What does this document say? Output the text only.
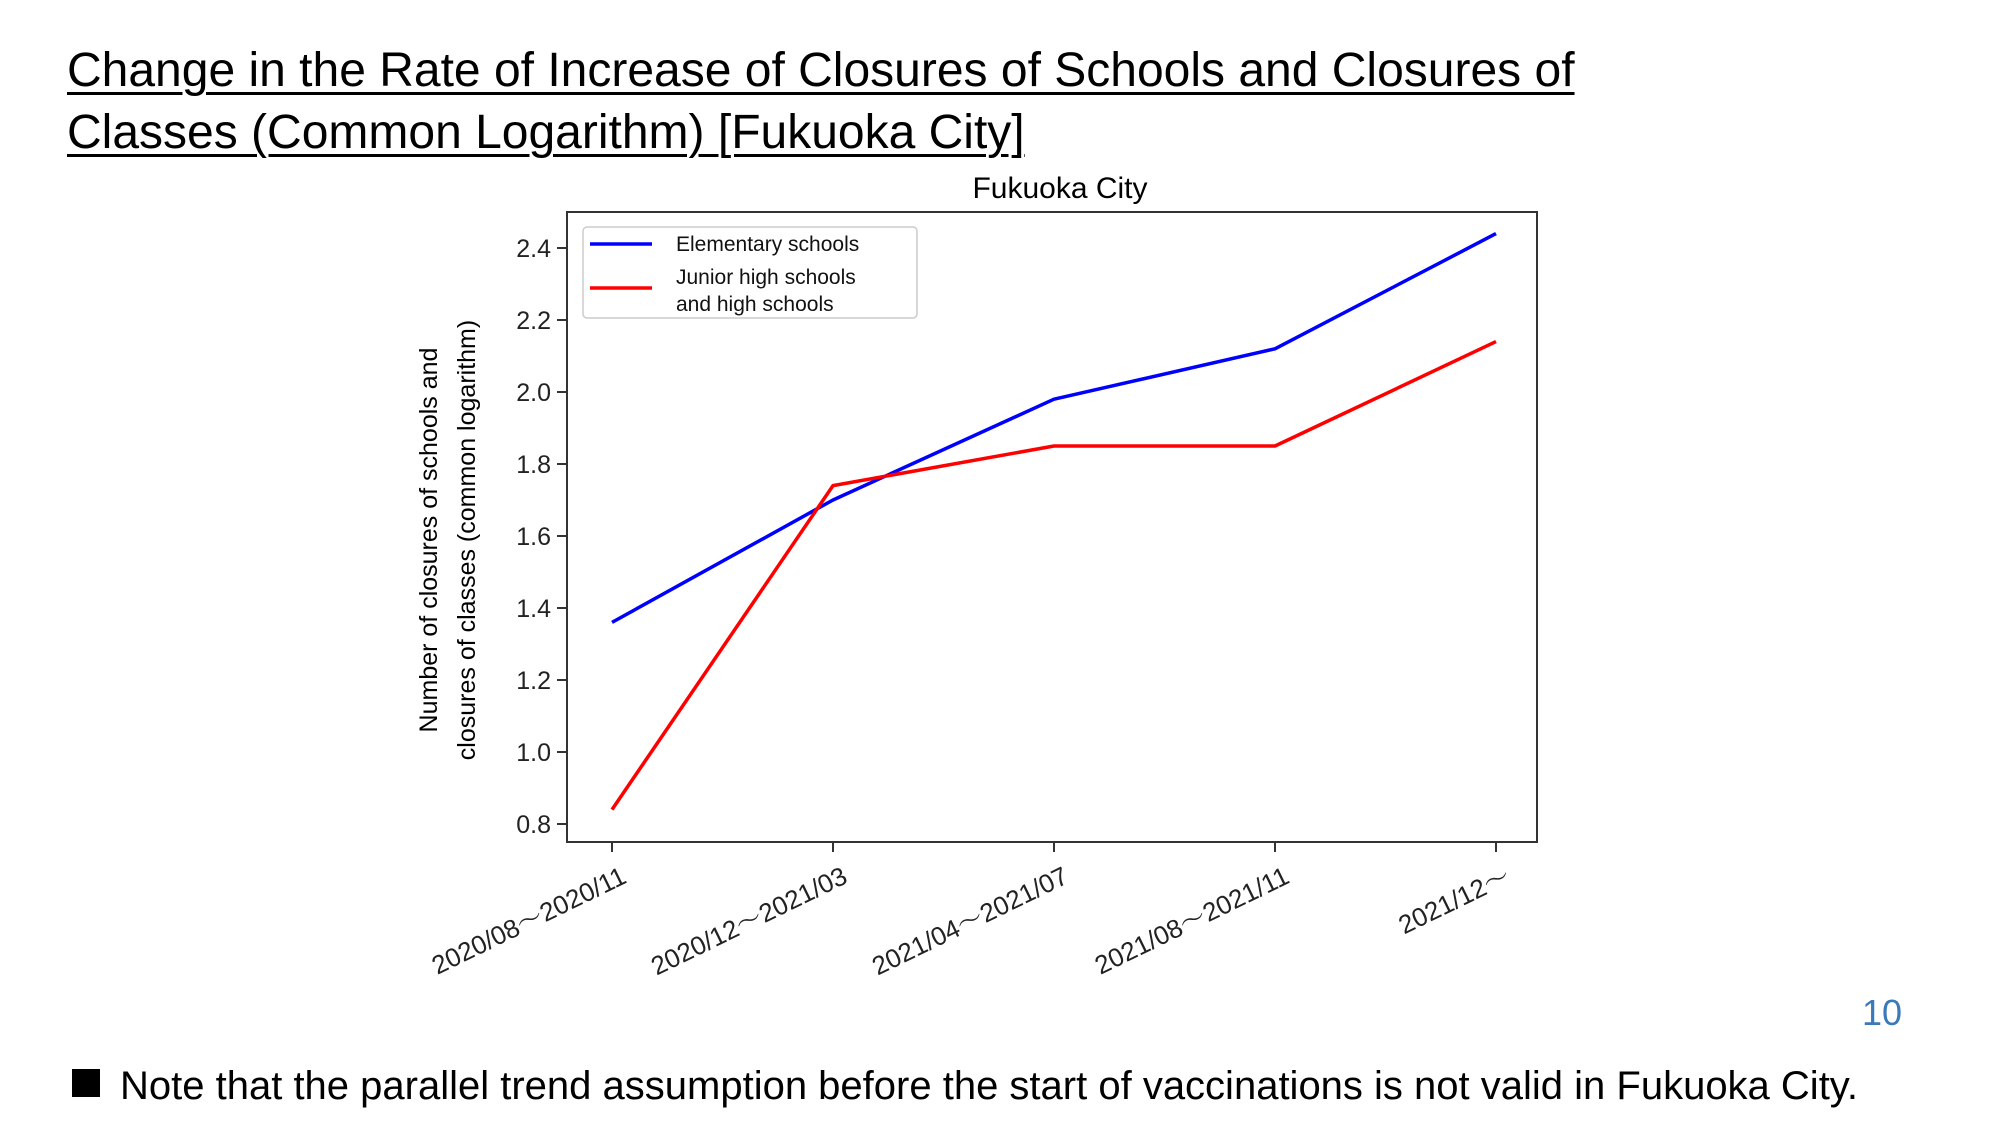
Change in the Rate of Increase of Closures of Schools and Closures of
Classes (Common Logarithm) [Fukuoka City]
Fukuoka City
Number of closures of schools and closures of classes (common logarithm)
0.8
1.0
1.2
1.4
1.6
1.8
2.0
2.2
2.4
2020/08～2020/11 2020/12～2021/03 2021/04～2021/07 2021/08～2021/11	2021/12～
Elementary schools
Junior high schools
and high schools
10
Note that the parallel trend assumption before the start of vaccinations is not valid in Fukuoka City.
